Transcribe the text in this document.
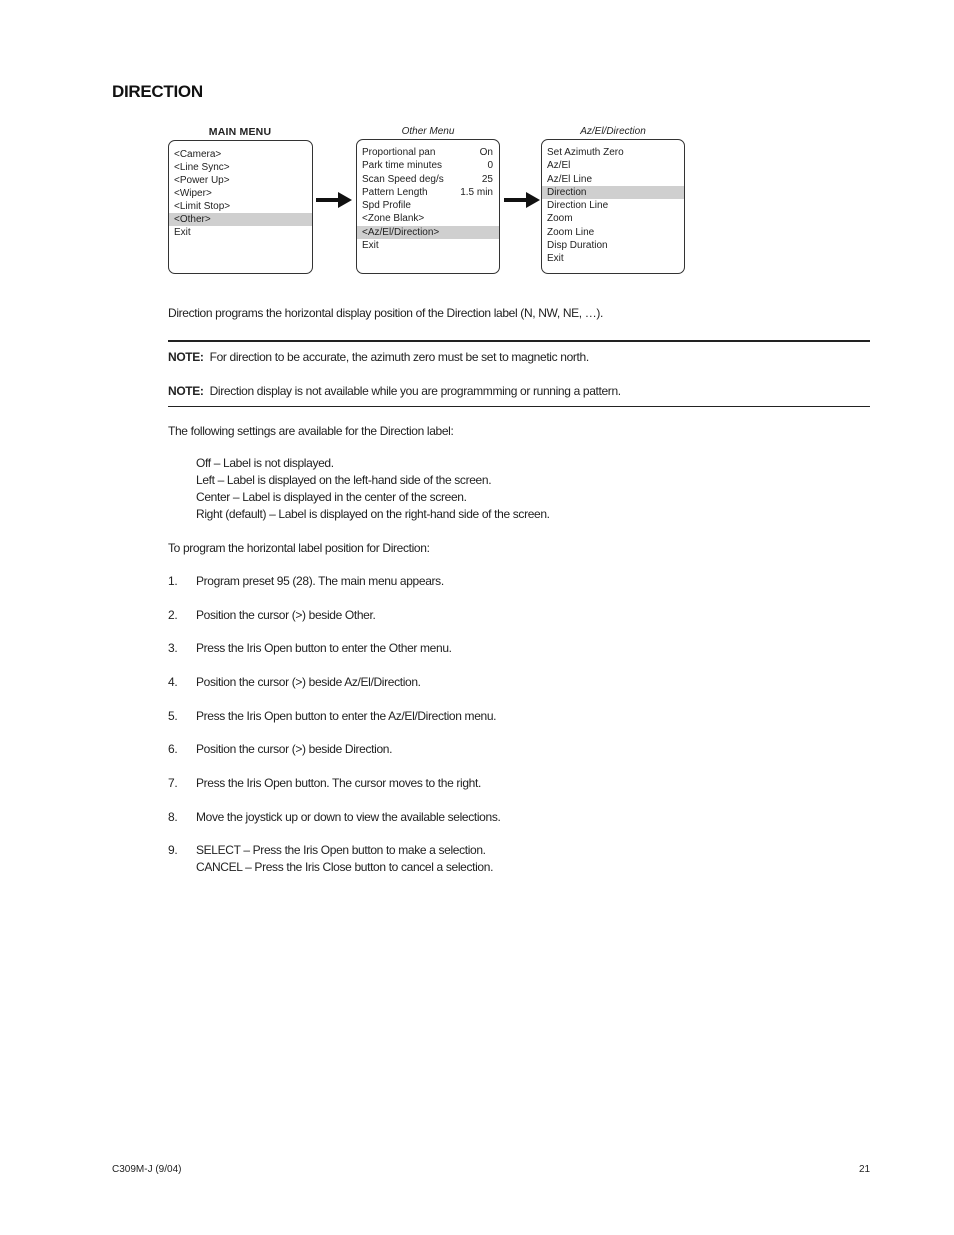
DIRECTION
MAIN MENU
<Camera>
<Line Sync>
<Power Up>
<Wiper>
<Limit Stop>
<Other>
Exit
Other Menu
Proportional pan	On
Park time minutes	0
Scan Speed deg/s	25
Pattern Length	1.5 min
Spd Profile
<Zone Blank>
<Az/El/Direction>
Exit
Az/El/Direction
Set Azimuth Zero
Az/El
Az/El Line
Direction
Direction Line
Zoom
Zoom Line
Disp Duration
Exit
Direction programs the horizontal display position of the Direction label (N, NW, NE, …).
NOTE: For direction to be accurate, the azimuth zero must be set to magnetic north.
NOTE: Direction display is not available while you are programmming or running a pattern.
The following settings are available for the Direction label:
Off – Label is not displayed.
Left – Label is displayed on the left-hand side of the screen.
Center – Label is displayed in the center of the screen.
Right (default) – Label is displayed on the right-hand side of the screen.
To program the horizontal label position for Direction:
1. Program preset 95 (28). The main menu appears.
2. Position the cursor (>) beside Other.
3. Press the Iris Open button to enter the Other menu.
4. Position the cursor (>) beside Az/El/Direction.
5. Press the Iris Open button to enter the Az/El/Direction menu.
6. Position the cursor (>) beside Direction.
7. Press the Iris Open button. The cursor moves to the right.
8. Move the joystick up or down to view the available selections.
9. SELECT – Press the Iris Open button to make a selection.
CANCEL – Press the Iris Close button to cancel a selection.
C309M-J (9/04)	21
